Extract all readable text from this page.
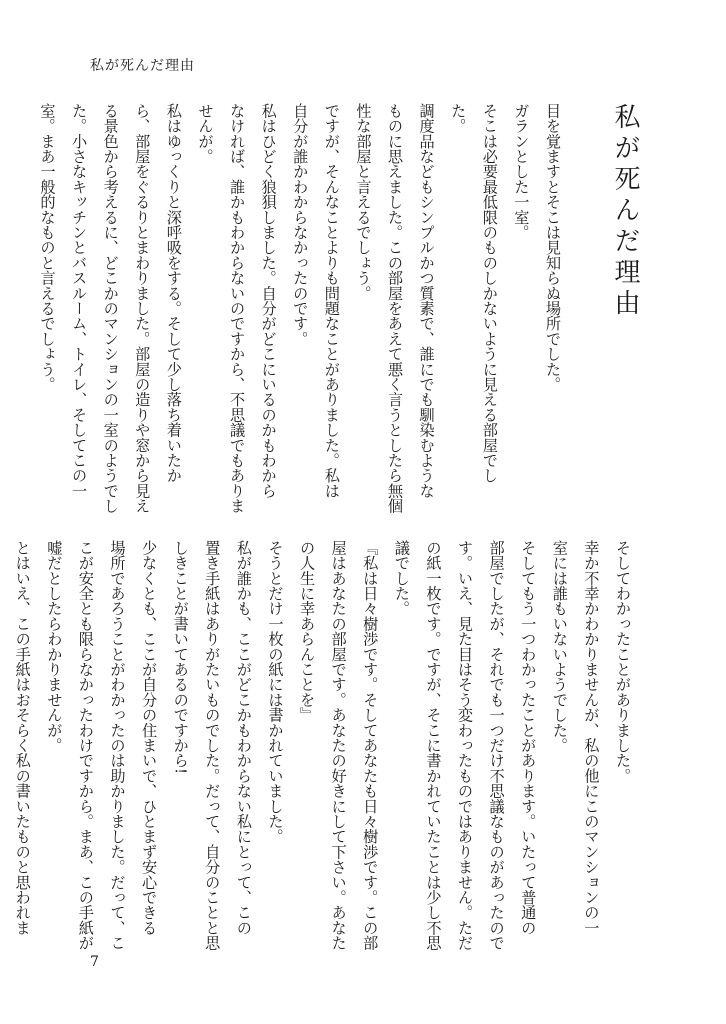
私が死んだ理由
私が死んだ理由
目を覚ますとそこは見知らぬ場所でした。
ガランとした一室。
そこは必要最低限のものしかないように見える部屋でし
た。
調度品などもシンプルかつ質素で、誰にでも馴染むような
ものに思えました。この部屋をあえて悪く言うとしたら無個
性な部屋と言えるでしょう。
ですが、そんなことよりも問題なことがありました。私は
自分が誰かわからなかったのです。
私はひどく狼狽しました。自分がどこにいるのかもわから
なければ、誰かもわからないのですから、不思議でもありま
せんが。
私はゆっくりと深呼吸をする。そして少し落ち着いたか
ら、部屋をぐるりとまわりました。部屋の造りや窓から見え
る景色から考えるに、どこかのマンションの一室のようでし
た。小さなキッチンとバスルーム、トイレ、そしてこの一
室。まあ一般的なものと言えるでしょう。
そしてわかったことがありました。
幸か不幸かわかりませんが、私の他にこのマンションの一
室には誰もいないようでした。
そしてもう一つわかったことがあります。いたって普通の
部屋でしたが、それでも一つだけ不思議なものがあったので
す。いえ、見た目はそう変わったものではありません。ただ
の紙一枚です。ですが、そこに書かれていたことは少し不思
議でした。
『私は日々樹渉です。そしてあなたも日々樹渉です。この部
屋はあなたの部屋です。あなたの好きにして下さい。あなた
の人生に幸あらんことを』
そうとだけ一枚の紙には書かれていました。
私が誰かも、ここがどこかもわからない私にとって、この
置き手紙はありがたいものでした。だって、自分のことと思
しきことが書いてあるのですから!
少なくとも、ここが自分の住まいで、ひとまず安心できる
場所であろうことがわかったのは助かりました。だって、こ
こが安全とも限らなかったわけですから。まあ、この手紙が
嘘だとしたらわかりませんが。
とはいえ、この手紙はおそらく私の書いたものと思われま
7
